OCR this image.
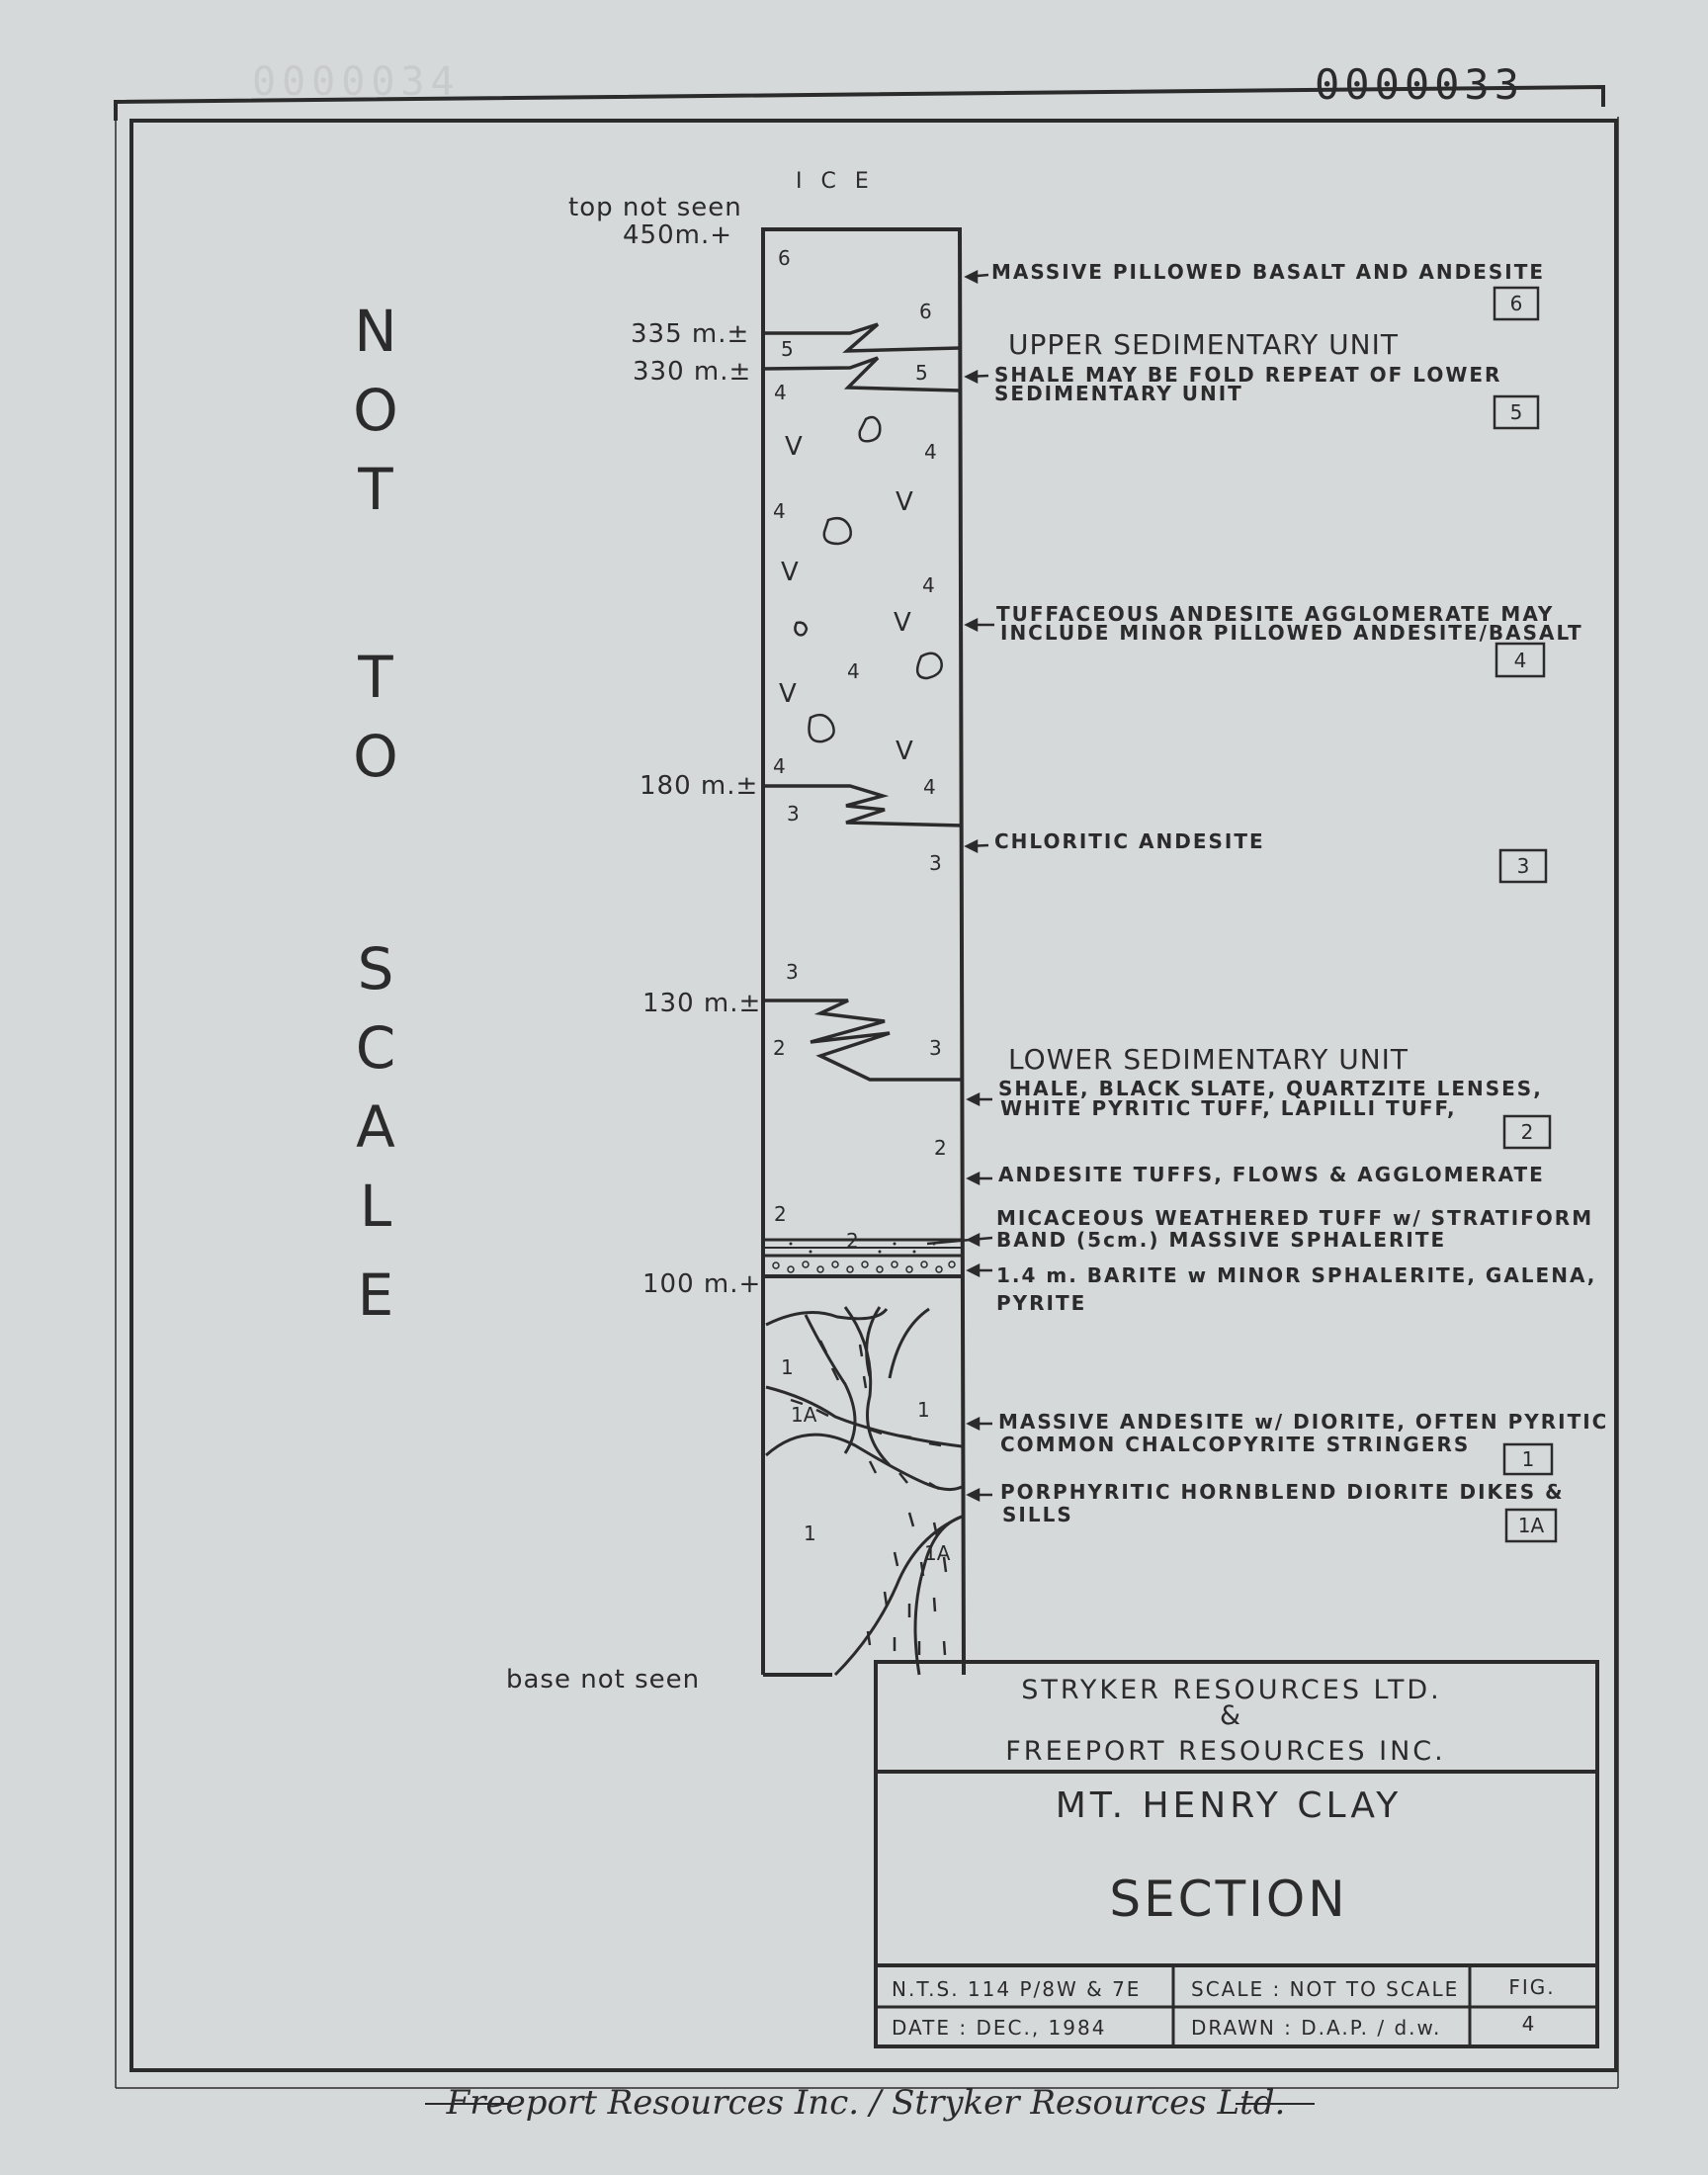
0000034	0000033
N
O
T
T
O
S
C
A
L
E
I C E
top not seen
base not seen
450m.+
335 m.±
330 m.±
180 m.±
130 m.±
100 m.+
6
6
5
5
4
4
4
4
4
4
4
3
3
3
3
2
2
2
2
1
1
1A
1
1A
V
V
V
V
V
V
UPPER SEDIMENTARY UNIT
LOWER SEDIMENTARY UNIT
MASSIVE PILLOWED BASALT AND ANDESITE
SHALE MAY BE FOLD REPEAT OF LOWER
SEDIMENTARY UNIT
TUFFACEOUS ANDESITE AGGLOMERATE MAY
INCLUDE MINOR PILLOWED ANDESITE/BASALT
CHLORITIC ANDESITE
SHALE, BLACK SLATE, QUARTZITE LENSES,
WHITE PYRITIC TUFF, LAPILLI TUFF,
ANDESITE TUFFS, FLOWS & AGGLOMERATE
MICACEOUS WEATHERED TUFF w/ STRATIFORM
BAND (5cm.) MASSIVE SPHALERITE
1.4 m. BARITE w MINOR SPHALERITE, GALENA,
PYRITE
MASSIVE ANDESITE w/ DIORITE, OFTEN PYRITIC
COMMON CHALCOPYRITE STRINGERS
PORPHYRITIC HORNBLEND DIORITE DIKES &
SILLS
6
5
4
3
2
1
1A
STRYKER RESOURCES LTD.
&
FREEPORT RESOURCES INC.
MT. HENRY CLAY
SECTION
N.T.S. 114 P/8W & 7E	SCALE : NOT TO SCALE	FIG.
DATE : DEC., 1984	DRAWN : D.A.P. / d.w.	4
Freeport Resources Inc. / Stryker Resources Ltd.
